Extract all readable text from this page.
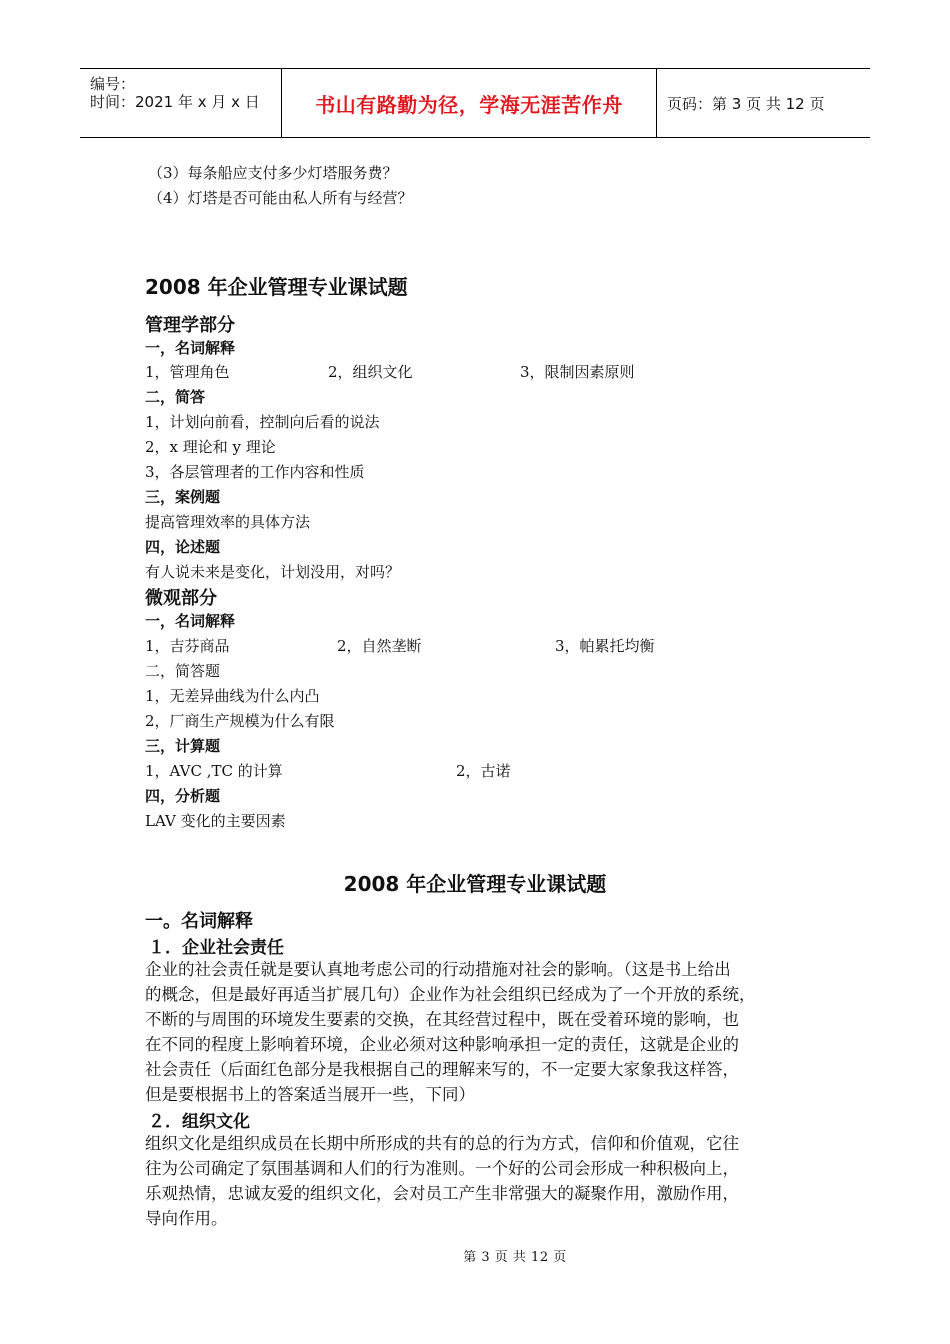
编号：
时间：2021 年 x 月 x 日	书山有路勤为径，学海无涯苦作舟	页码：第 3 页 共 12 页
（3）每条船应支付多少灯塔服务费？
（4）灯塔是否可能由私人所有与经营？
2008 年企业管理专业课试题
管理学部分
一，名词解释
1，管理角色	2，组织文化	3，限制因素原则
二，简答
1，计划向前看，控制向后看的说法
2，x 理论和 y 理论
3，各层管理者的工作内容和性质
三，案例题
提高管理效率的具体方法
四，论述题
有人说未来是变化，计划没用，对吗？
微观部分
一，名词解释
1，吉芬商品	2，自然垄断	3，帕累托均衡
二，简答题
1，无差异曲线为什么内凸
2，厂商生产规模为什么有限
三，计算题
1，AVC ,TC 的计算	2，古诺
四，分析题
LAV 变化的主要因素
2008 年企业管理专业课试题
一。名词解释
１．企业社会责任
企业的社会责任就是要认真地考虑公司的行动措施对社会的影响。（这是书上给出
的概念，但是最好再适当扩展几句）企业作为社会组织已经成为了一个开放的系统，
不断的与周围的环境发生要素的交换，在其经营过程中，既在受着环境的影响，也
在不同的程度上影响着环境，企业必须对这种影响承担一定的责任，这就是企业的
社会责任（后面红色部分是我根据自己的理解来写的，不一定要大家象我这样答，
但是要根据书上的答案适当展开一些，下同）
２．组织文化
组织文化是组织成员在长期中所形成的共有的总的行为方式，信仰和价值观，它往
往为公司确定了氛围基调和人们的行为准则。一个好的公司会形成一种积极向上，
乐观热情，忠诚友爱的组织文化，会对员工产生非常强大的凝聚作用，激励作用，
导向作用。
第 3 页 共 12 页
